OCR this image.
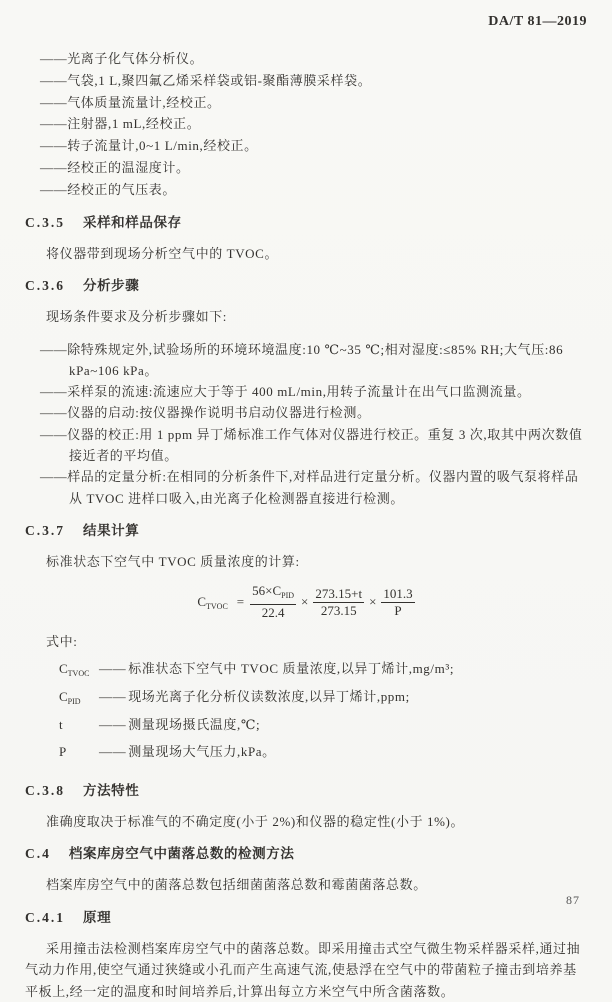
DA/T 81—2019
——光离子化气体分析仪。
——气袋,1 L,聚四氟乙烯采样袋或铝-聚酯薄膜采样袋。
——气体质量流量计,经校正。
——注射器,1 mL,经校正。
——转子流量计,0~1 L/min,经校正。
——经校正的温湿度计。
——经校正的气压表。
C.3.5 采样和样品保存

将仪器带到现场分析空气中的 TVOC。

C.3.6 分析步骤

现场条件要求及分析步骤如下:

——除特殊规定外,试验场所的环境环境温度:10 ℃~35 ℃;相对湿度:≤85% RH;大气压:86 kPa~106 kPa。
——采样泵的流速:流速应大于等于 400 mL/min,用转子流量计在出气口监测流量。
——仪器的启动:按仪器操作说明书启动仪器进行检测。
——仪器的校正:用 1 ppm 异丁烯标准工作气体对仪器进行校正。重复 3 次,取其中两次数值接近者的平均值。
——样品的定量分析:在相同的分析条件下,对样品进行定量分析。仪器内置的吸气泵将样品从 TVOC 进样口吸入,由光离子化检测器直接进行检测。
C.3.7 结果计算

标准状态下空气中 TVOC 质量浓度的计算:

$C_{TVOC} = \frac{56\times C_{PID}}{22.4} \times \frac{273.15+t}{273.15} \times \frac{101.3}{P}$

式中:

$C_{TVOC}$ —— 标准状态下空气中 TVOC 质量浓度,以异丁烯计,mg/m³;
$C_{PID}$	—— 现场光离子化分析仪读数浓度,以异丁烯计,ppm;
t	—— 测量现场摄氏温度,℃;
P	—— 测量现场大气压力,kPa。
C.3.8 方法特性

准确度取决于标准气的不确定度(小于 2%)和仪器的稳定性(小于 1%)。

C.4 档案库房空气中菌落总数的检测方法

档案库房空气中的菌落总数包括细菌菌落总数和霉菌菌落总数。

C.4.1 原理

采用撞击法检测档案库房空气中的菌落总数。即采用撞击式空气微生物采样器采样,通过抽气动力作用,使空气通过狭缝或小孔而产生高速气流,使悬浮在空气中的带菌粒子撞击到培养基平板上,经一定的温度和时间培养后,计算出每立方米空气中所含菌落数。

87
